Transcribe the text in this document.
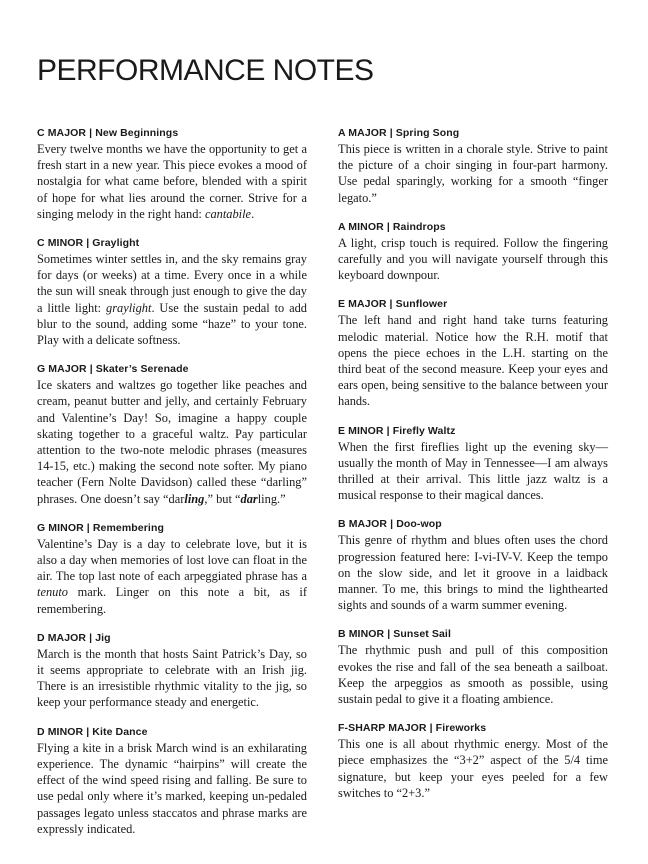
PERFORMANCE NOTES
C MAJOR | New Beginnings

Every twelve months we have the opportunity to get a fresh start in a new year. This piece evokes a mood of nostalgia for what came before, blended with a spirit of hope for what lies around the corner. Strive for a singing melody in the right hand: cantabile.

C MINOR | Graylight

Sometimes winter settles in, and the sky remains gray for days (or weeks) at a time. Every once in a while the sun will sneak through just enough to give the day a little light: graylight. Use the sustain pedal to add blur to the sound, adding some “haze” to your tone. Play with a delicate softness.

G MAJOR | Skater’s Serenade

Ice skaters and waltzes go together like peaches and cream, peanut butter and jelly, and certainly February and Valentine’s Day! So, imagine a happy couple skating together to a graceful waltz. Pay particular attention to the two-note melodic phrases (measures 14-15, etc.) making the second note softer. My piano teacher (Fern Nolte Davidson) called these “darling” phrases. One doesn’t say “darling,” but “darling.”

G MINOR | Remembering

Valentine’s Day is a day to celebrate love, but it is also a day when memories of lost love can float in the air. The top last note of each arpeggiated phrase has a tenuto mark. Linger on this note a bit, as if remembering.

D MAJOR | Jig

March is the month that hosts Saint Patrick’s Day, so it seems appropriate to celebrate with an Irish jig. There is an irresistible rhythmic vitality to the jig, so keep your performance steady and energetic.

D MINOR | Kite Dance

Flying a kite in a brisk March wind is an exhilarating experience. The dynamic “hairpins” will create the effect of the wind speed rising and falling. Be sure to use pedal only where it’s marked, keeping un-pedaled passages legato unless staccatos and phrase marks are expressly indicated.

A MAJOR | Spring Song

This piece is written in a chorale style. Strive to paint the picture of a choir singing in four-part harmony. Use pedal sparingly, working for a smooth “finger legato.”

A MINOR | Raindrops

A light, crisp touch is required. Follow the fingering carefully and you will navigate yourself through this keyboard downpour.

E MAJOR | Sunflower

The left hand and right hand take turns featuring melodic material. Notice how the R.H. motif that opens the piece echoes in the L.H. starting on the third beat of the second measure. Keep your eyes and ears open, being sensitive to the balance between your hands.

E MINOR | Firefly Waltz

When the first fireflies light up the evening sky—usually the month of May in Tennessee—I am always thrilled at their arrival. This little jazz waltz is a musical response to their magical dances.

B MAJOR | Doo-wop

This genre of rhythm and blues often uses the chord progression featured here: I-vi-IV-V. Keep the tempo on the slow side, and let it groove in a laidback manner. To me, this brings to mind the lighthearted sights and sounds of a warm summer evening.

B MINOR | Sunset Sail

The rhythmic push and pull of this composition evokes the rise and fall of the sea beneath a sailboat. Keep the arpeggios as smooth as possible, using sustain pedal to give it a floating ambience.

F-SHARP MAJOR | Fireworks

This one is all about rhythmic energy. Most of the piece emphasizes the “3+2” aspect of the 5/4 time signature, but keep your eyes peeled for a few switches to “2+3.”
